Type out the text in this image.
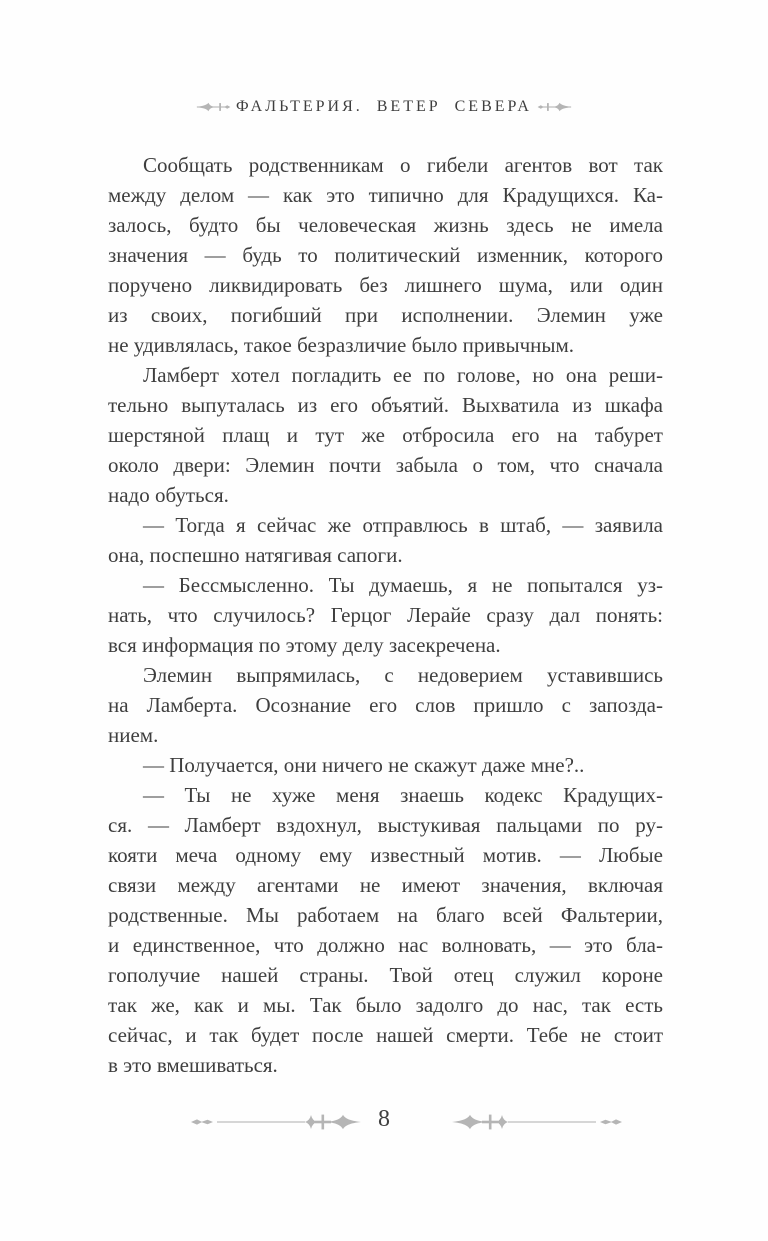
ФАЛЬТЕРИЯ. ВЕТЕР СЕВЕРА
Сообщать родственникам о гибели агентов вот так
между делом — как это типично для Крадущихся. Ка-
залось, будто бы человеческая жизнь здесь не имела
значения — будь то политический изменник, которого
поручено ликвидировать без лишнего шума, или один
из своих, погибший при исполнении. Элемин уже
не удивлялась, такое безразличие было привычным.
Ламберт хотел погладить ее по голове, но она реши-
тельно выпуталась из его объятий. Выхватила из шкафа
шерстяной плащ и тут же отбросила его на табурет
около двери: Элемин почти забыла о том, что сначала
надо обуться.
— Тогда я сейчас же отправлюсь в штаб, — заявила
она, поспешно натягивая сапоги.
— Бессмысленно. Ты думаешь, я не попытался уз-
нать, что случилось? Герцог Лерайе сразу дал понять:
вся информация по этому делу засекречена.
Элемин выпрямилась, с недоверием уставившись
на Ламберта. Осознание его слов пришло с запозда-
нием.
— Получается, они ничего не скажут даже мне?..
— Ты не хуже меня знаешь кодекс Крадущих-
ся. — Ламберт вздохнул, выстукивая пальцами по ру-
кояти меча одному ему известный мотив. — Любые
связи между агентами не имеют значения, включая
родственные. Мы работаем на благо всей Фальтерии,
и единственное, что должно нас волновать, — это бла-
гополучие нашей страны. Твой отец служил короне
так же, как и мы. Так было задолго до нас, так есть
сейчас, и так будет после нашей смерти. Тебе не стоит
в это вмешиваться.
8
